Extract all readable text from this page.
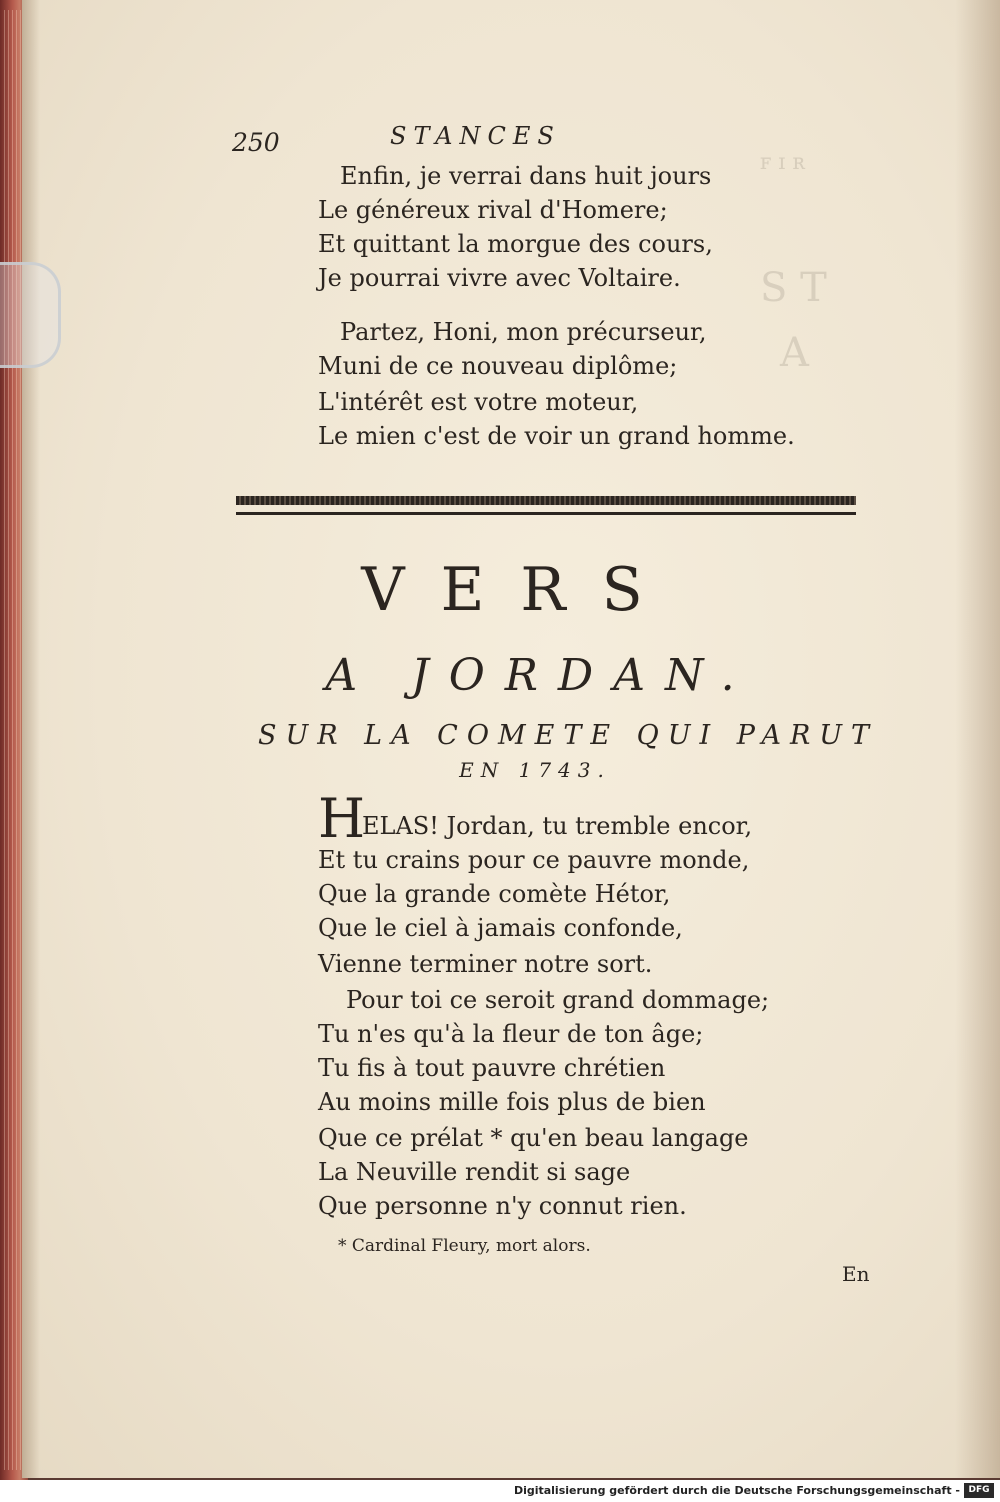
ꜰ ɪ ʀ
S T
A
250	STANCES
Enfin, je verrai dans huit jours
Le généreux rival d'Homere;
Et quittant la morgue des cours,
Je pourrai vivre avec Voltaire.
Partez, Honi, mon précurseur,
Muni de ce nouveau diplôme;
L'intérêt est votre moteur,
Le mien c'est de voir un grand homme.
VERS
A JORDAN.
SUR LA COMETE QUI PARUT
EN 1743.
H
ELAS! Jordan, tu tremble encor,
Et tu crains pour ce pauvre monde,
Que la grande comète Hétor,
Que le ciel à jamais confonde,
Vienne terminer notre sort.
Pour toi ce seroit grand dommage;
Tu n'es qu'à la fleur de ton âge;
Tu fis à tout pauvre chrétien
Au moins mille fois plus de bien
Que ce prélat * qu'en beau langage
La Neuville rendit si sage
Que personne n'y connut rien.
* Cardinal Fleury, mort alors.
En
Digitalisierung gefördert durch die Deutsche Forschungsgemeinschaft - DFG
